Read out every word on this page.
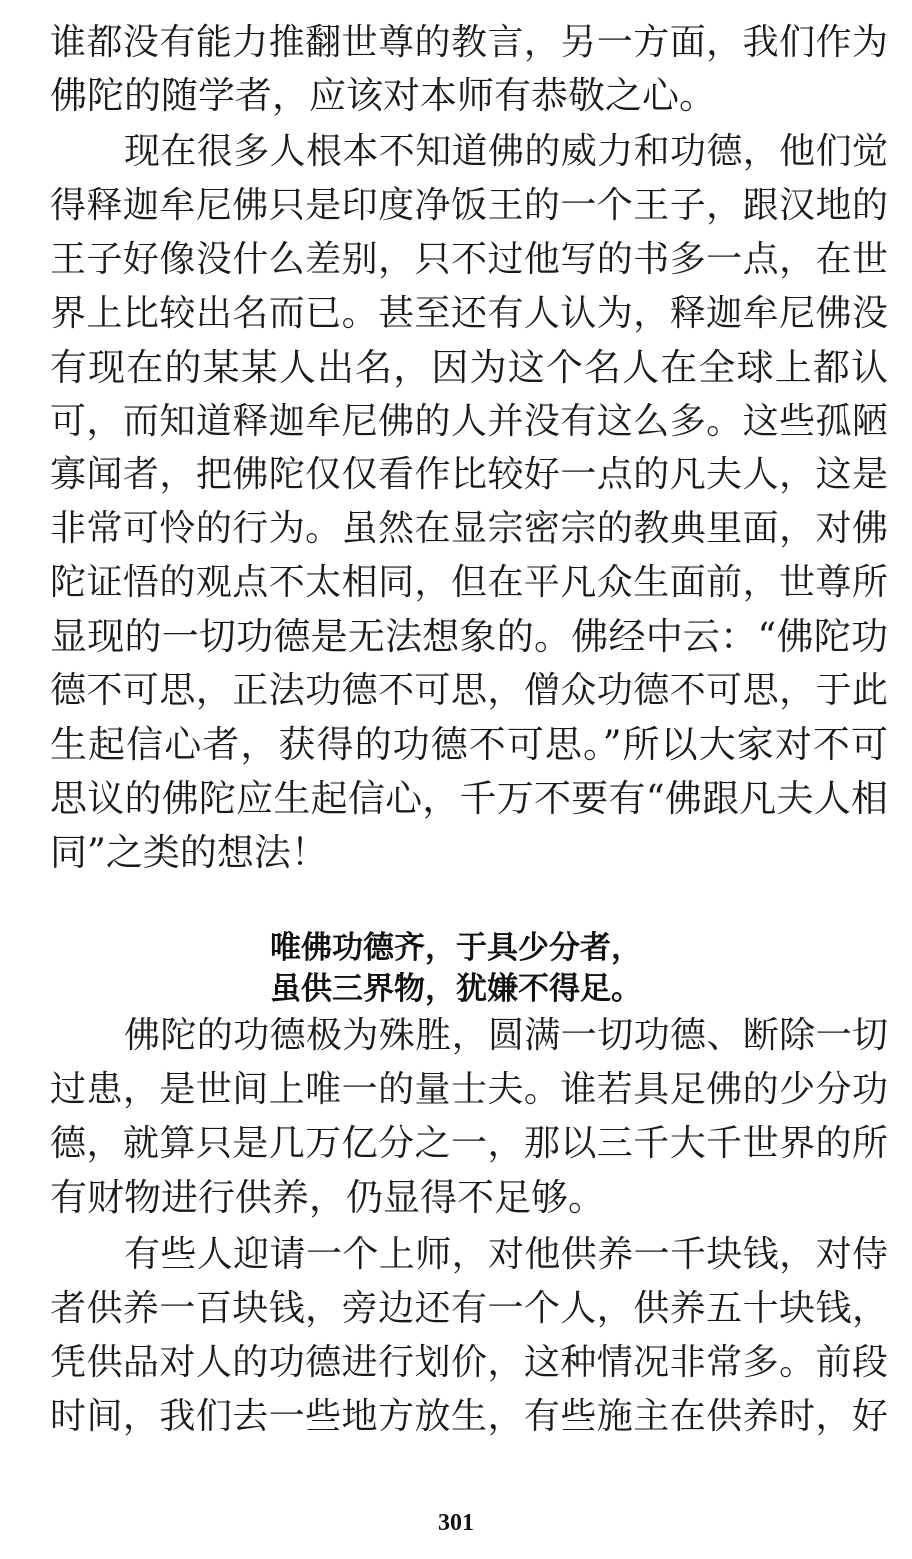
谁都没有能力推翻世尊的教言，另一方面，我们作为
佛陀的随学者，应该对本师有恭敬之心。
现在很多人根本不知道佛的威力和功德，他们觉
得释迦牟尼佛只是印度净饭王的一个王子，跟汉地的
王子好像没什么差别，只不过他写的书多一点，在世
界上比较出名而已。甚至还有人认为，释迦牟尼佛没
有现在的某某人出名，因为这个名人在全球上都认
可，而知道释迦牟尼佛的人并没有这么多。这些孤陋
寡闻者，把佛陀仅仅看作比较好一点的凡夫人，这是
非常可怜的行为。虽然在显宗密宗的教典里面，对佛
陀证悟的观点不太相同，但在平凡众生面前，世尊所
显现的一切功德是无法想象的。佛经中云：“佛陀功
德不可思，正法功德不可思，僧众功德不可思，于此
生起信心者，获得的功德不可思。”所以大家对不可
思议的佛陀应生起信心，千万不要有“佛跟凡夫人相
同”之类的想法！
唯佛功德齐，于具少分者，
虽供三界物，犹嫌不得足。
佛陀的功德极为殊胜，圆满一切功德、断除一切
过患，是世间上唯一的量士夫。谁若具足佛的少分功
德，就算只是几万亿分之一，那以三千大千世界的所
有财物进行供养，仍显得不足够。
有些人迎请一个上师，对他供养一千块钱，对侍
者供养一百块钱，旁边还有一个人，供养五十块钱，
凭供品对人的功德进行划价，这种情况非常多。前段
时间，我们去一些地方放生，有些施主在供养时，好
301
